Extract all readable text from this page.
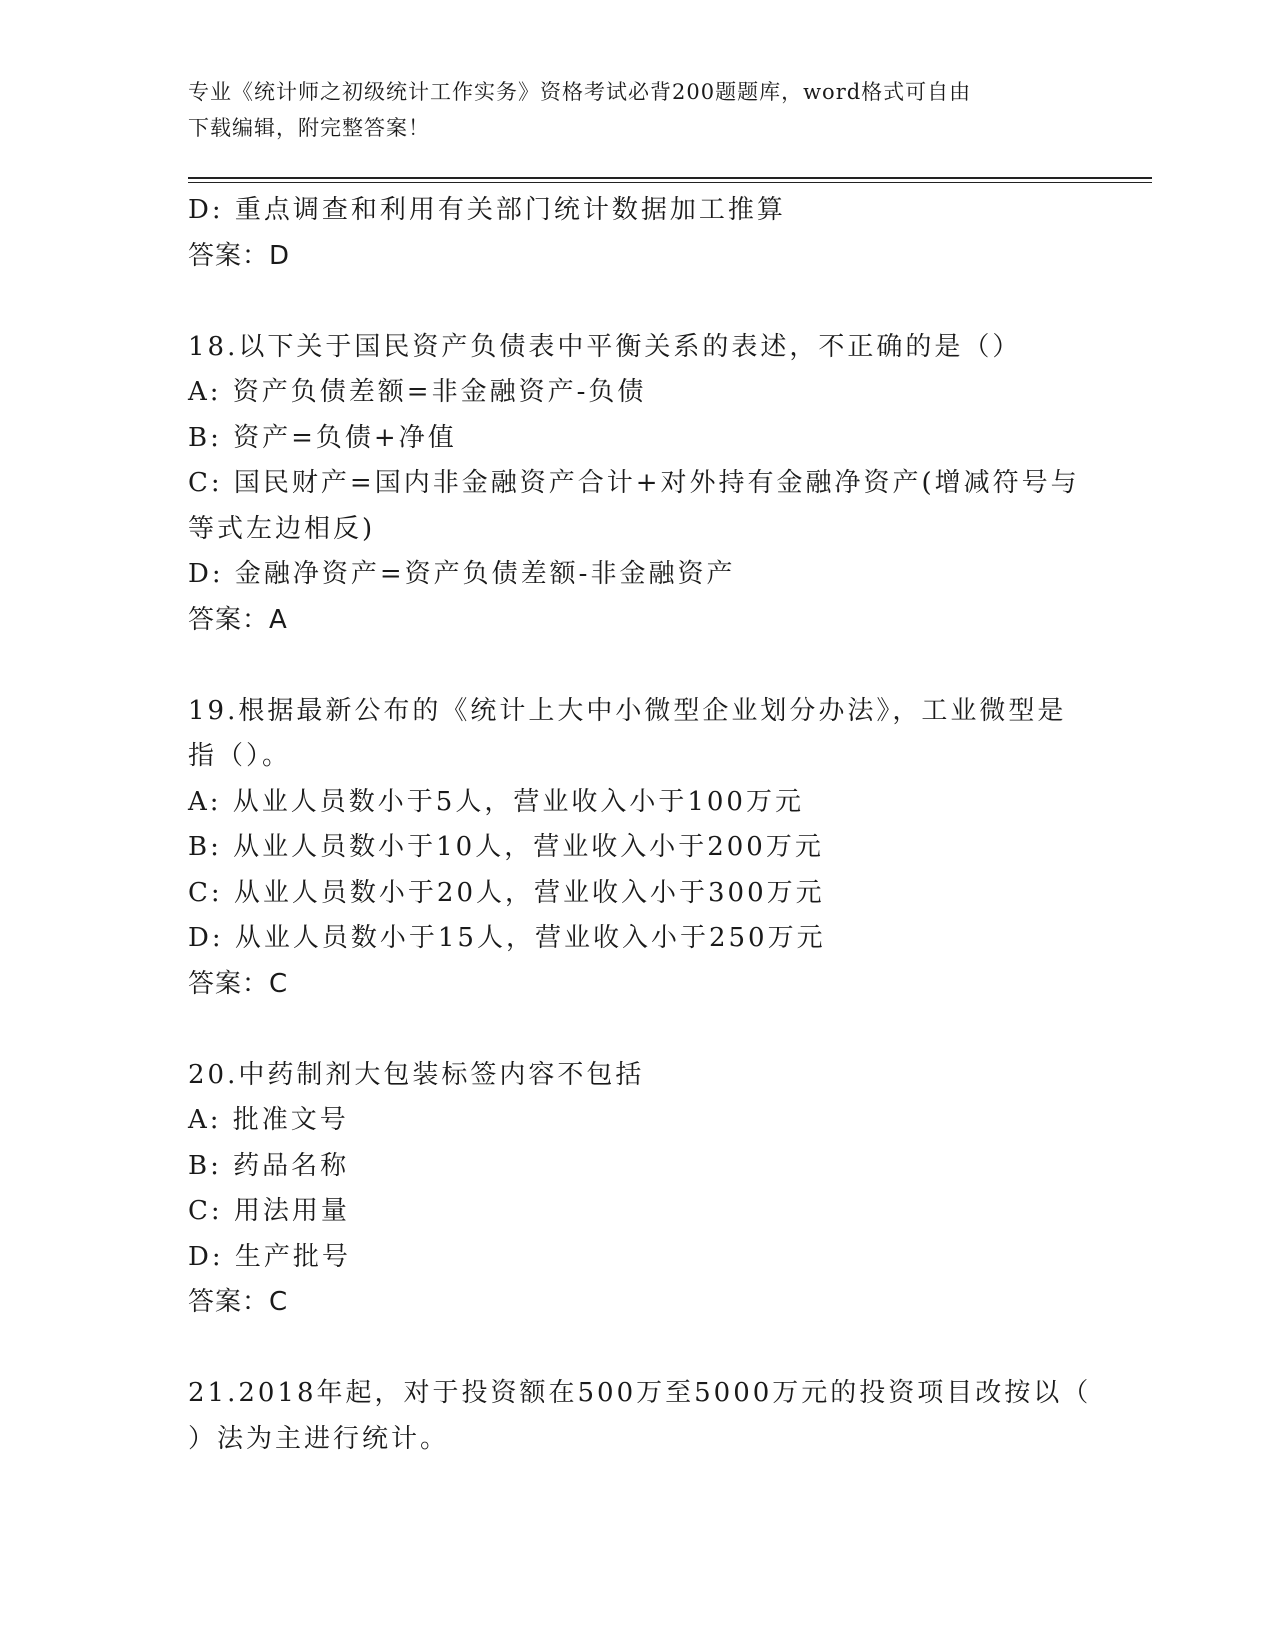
专业《统计师之初级统计工作实务》资格考试必背200题题库，word格式可自由
下载编辑，附完整答案！
D: 重点调查和利用有关部门统计数据加工推算
答案：D
18.以下关于国民资产负债表中平衡关系的表述，不正确的是（）
A: 资产负债差额=非金融资产-负债
B: 资产=负债+净值
C: 国民财产=国内非金融资产合计+对外持有金融净资产(增减符号与
等式左边相反)
D: 金融净资产=资产负债差额-非金融资产
答案：A
19.根据最新公布的《统计上大中小微型企业划分办法》，工业微型是
指（）。
A: 从业人员数小于5人，营业收入小于100万元
B: 从业人员数小于10人，营业收入小于200万元
C: 从业人员数小于20人，营业收入小于300万元
D: 从业人员数小于15人，营业收入小于250万元
答案：C
20.中药制剂大包装标签内容不包括
A: 批准文号
B: 药品名称
C: 用法用量
D: 生产批号
答案：C
21.2018年起，对于投资额在500万至5000万元的投资项目改按以（
）法为主进行统计。
